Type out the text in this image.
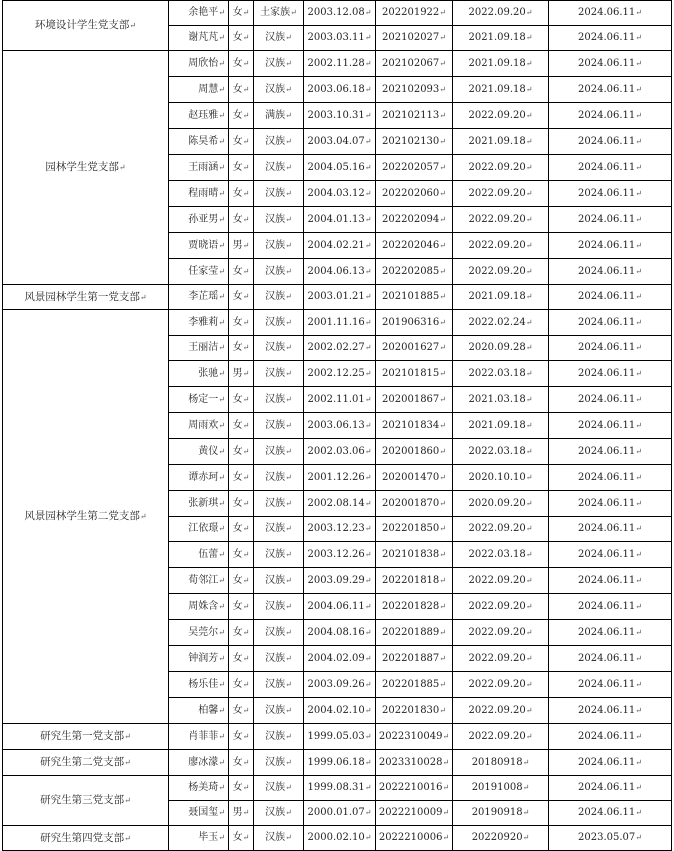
环境设计学生党支部↵	余艳平↵	女↵	土家族↵	2003.12.08↵	202201922↵	2022.09.20↵	2024.06.11↵
	谢芃芃↵	女↵	汉族↵	2003.03.11↵	202102027↵	2021.09.18↵	2024.06.11↵
园林学生党支部↵	周欣怡↵	女↵	汉族↵	2002.11.28↵	202102067↵	2021.09.18↵	2024.06.11↵
	周慧↵	女↵	汉族↵	2003.06.18↵	202102093↵	2021.09.18↵	2024.06.11↵
	赵珏雅↵	女↵	满族↵	2003.10.31↵	202102113↵	2022.09.20↵	2024.06.11↵
	陈昊希↵	女↵	汉族↵	2003.04.07↵	202102130↵	2021.09.18↵	2024.06.11↵
	王雨涵↵	女↵	汉族↵	2004.05.16↵	202202057↵	2022.09.20↵	2024.06.11↵
	程雨晴↵	女↵	汉族↵	2004.03.12↵	202202060↵	2022.09.20↵	2024.06.11↵
	孙亚男↵	女↵	汉族↵	2004.01.13↵	202202094↵	2022.09.20↵	2024.06.11↵
	贾晓语↵	男↵	汉族↵	2004.02.21↵	202202046↵	2022.09.20↵	2024.06.11↵
	任家莹↵	女↵	汉族↵	2004.06.13↵	202202085↵	2022.09.20↵	2024.06.11↵
风景园林学生第一党支部↵	李芷瑶↵	女↵	汉族↵	2003.01.21↵	202101885↵	2021.09.18↵	2024.06.11↵
风景园林学生第二党支部↵	李雅莉↵	女↵	汉族↵	2001.11.16↵	201906316↵	2022.02.24↵	2024.06.11↵
	王丽洁↵	女↵	汉族↵	2002.02.27↵	202001627↵	2020.09.28↵	2024.06.11↵
	张驰↵	男↵	汉族↵	2002.12.25↵	202101815↵	2022.03.18↵	2024.06.11↵
	杨定一↵	女↵	汉族↵	2002.11.01↵	202001867↵	2021.03.18↵	2024.06.11↵
	周雨欢↵	女↵	汉族↵	2003.06.13↵	202101834↵	2021.09.18↵	2024.06.11↵
	黄仪↵	女↵	汉族↵	2002.03.06↵	202001860↵	2022.03.18↵	2024.06.11↵
	谭赤珂↵	女↵	汉族↵	2001.12.26↵	202001470↵	2020.10.10↵	2024.06.11↵
	张新琪↵	女↵	汉族↵	2002.08.14↵	202001870↵	2020.09.20↵	2024.06.11↵
	江依璟↵	女↵	汉族↵	2003.12.23↵	202201850↵	2022.09.20↵	2024.06.11↵
	伍蕾↵	女↵	汉族↵	2003.12.26↵	202101838↵	2022.03.18↵	2024.06.11↵
	荀邻江↵	女↵	汉族↵	2003.09.29↵	202201818↵	2022.09.20↵	2024.06.11↵
	周姝含↵	女↵	汉族↵	2004.06.11↵	202201828↵	2022.09.20↵	2024.06.11↵
	吴莞尔↵	女↵	汉族↵	2004.08.16↵	202201889↵	2022.09.20↵	2024.06.11↵
	钟润芳↵	女↵	汉族↵	2004.02.09↵	202201887↵	2022.09.20↵	2024.06.11↵
	杨乐佳↵	女↵	汉族↵	2003.09.26↵	202201885↵	2022.09.20↵	2024.06.11↵
	柏馨↵	女↵	汉族↵	2004.02.10↵	202201830↵	2022.09.20↵	2024.06.11↵
研究生第一党支部↵	肖菲菲↵	女↵	汉族↵	1999.05.03↵	2022310049↵	2022.09.20↵	2024.06.11↵
研究生第二党支部↵	廖冰濛↵	女↵	汉族↵	1999.06.18↵	2023310028↵	20180918↵	2024.06.11↵
研究生第三党支部↵	杨美琦↵	女↵	汉族↵	1999.08.31↵	2022210016↵	20191008↵	2024.06.11↵
	聂国玺↵	男↵	汉族↵	2000.01.07↵	2022210009↵	20190918↵	2024.06.11↵
研究生第四党支部↵	毕玉↵	女↵	汉族↵	2000.02.10↵	2022210006↵	20220920↵	2023.05.07↵
